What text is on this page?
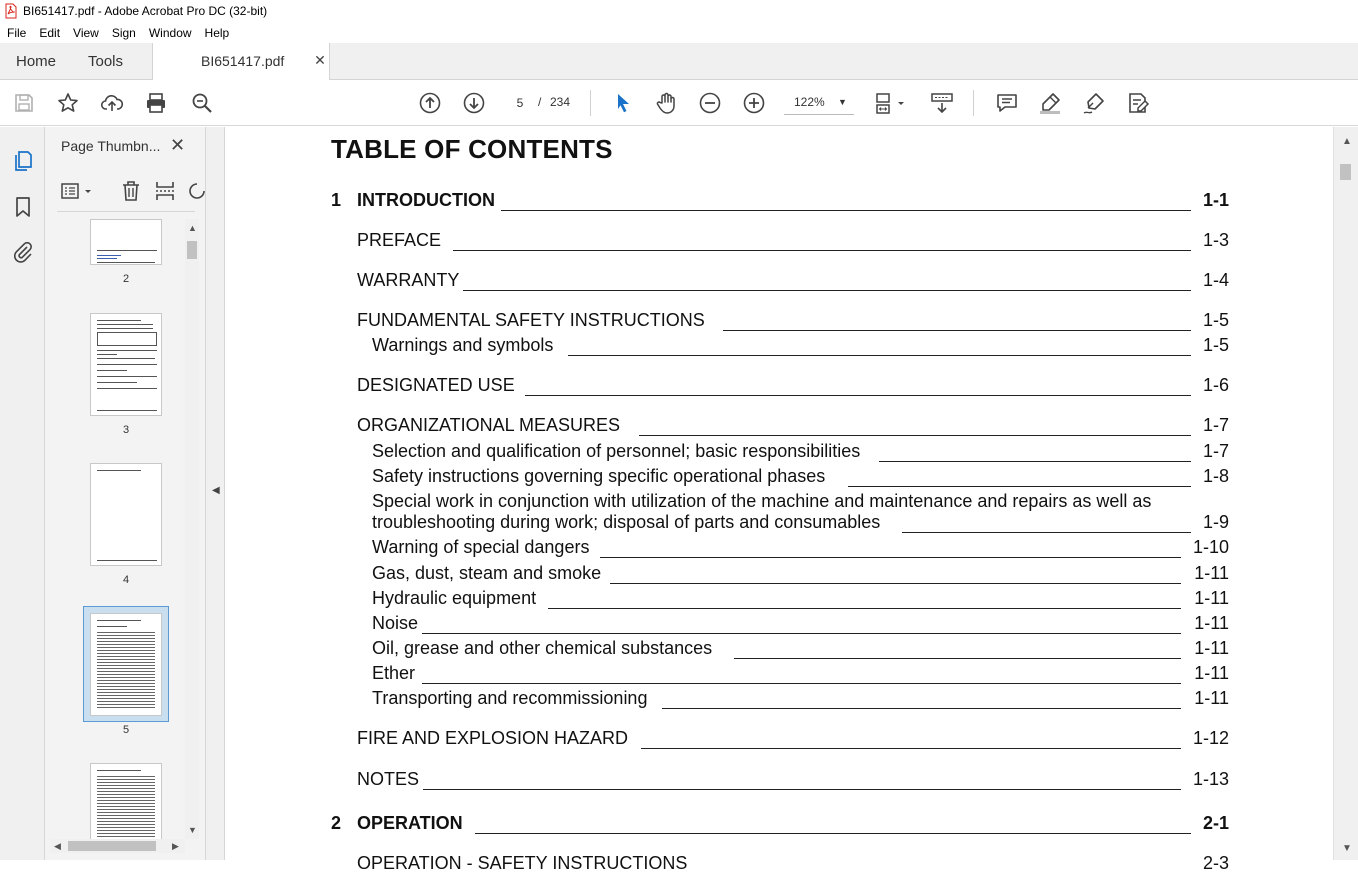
BI651417.pdf - Adobe Acrobat Pro DC (32-bit)
File	Edit	View	Sign	Window	Help
Home Tools	BI651417.pdf ✕
5
/ 234	122% ▼
Page Thumbn... ✕
2
3
4
5
▲
▼
◀	▶
◀
TABLE OF CONTENTS
1 INTRODUCTION	1-1
PREFACE	1-3
WARRANTY	1-4
FUNDAMENTAL SAFETY INSTRUCTIONS	1-5
Warnings and symbols	1-5
DESIGNATED USE	1-6
ORGANIZATIONAL MEASURES	1-7
Selection and qualification of personnel; basic responsibilities	1-7
Safety instructions governing specific operational phases	1-8
Special work in conjunction with utilization of the machine and maintenance and repairs as well as
troubleshooting during work; disposal of parts and consumables	1-9
Warning of special dangers	1-10
Gas, dust, steam and smoke	1-11
Hydraulic equipment	1-11
Noise	1-11
Oil, grease and other chemical substances	1-11
Ether	1-11
Transporting and recommissioning	1-11
FIRE AND EXPLOSION HAZARD	1-12
NOTES	1-13
2 OPERATION	2-1
OPERATION - SAFETY INSTRUCTIONS	2-3
▲
▼
